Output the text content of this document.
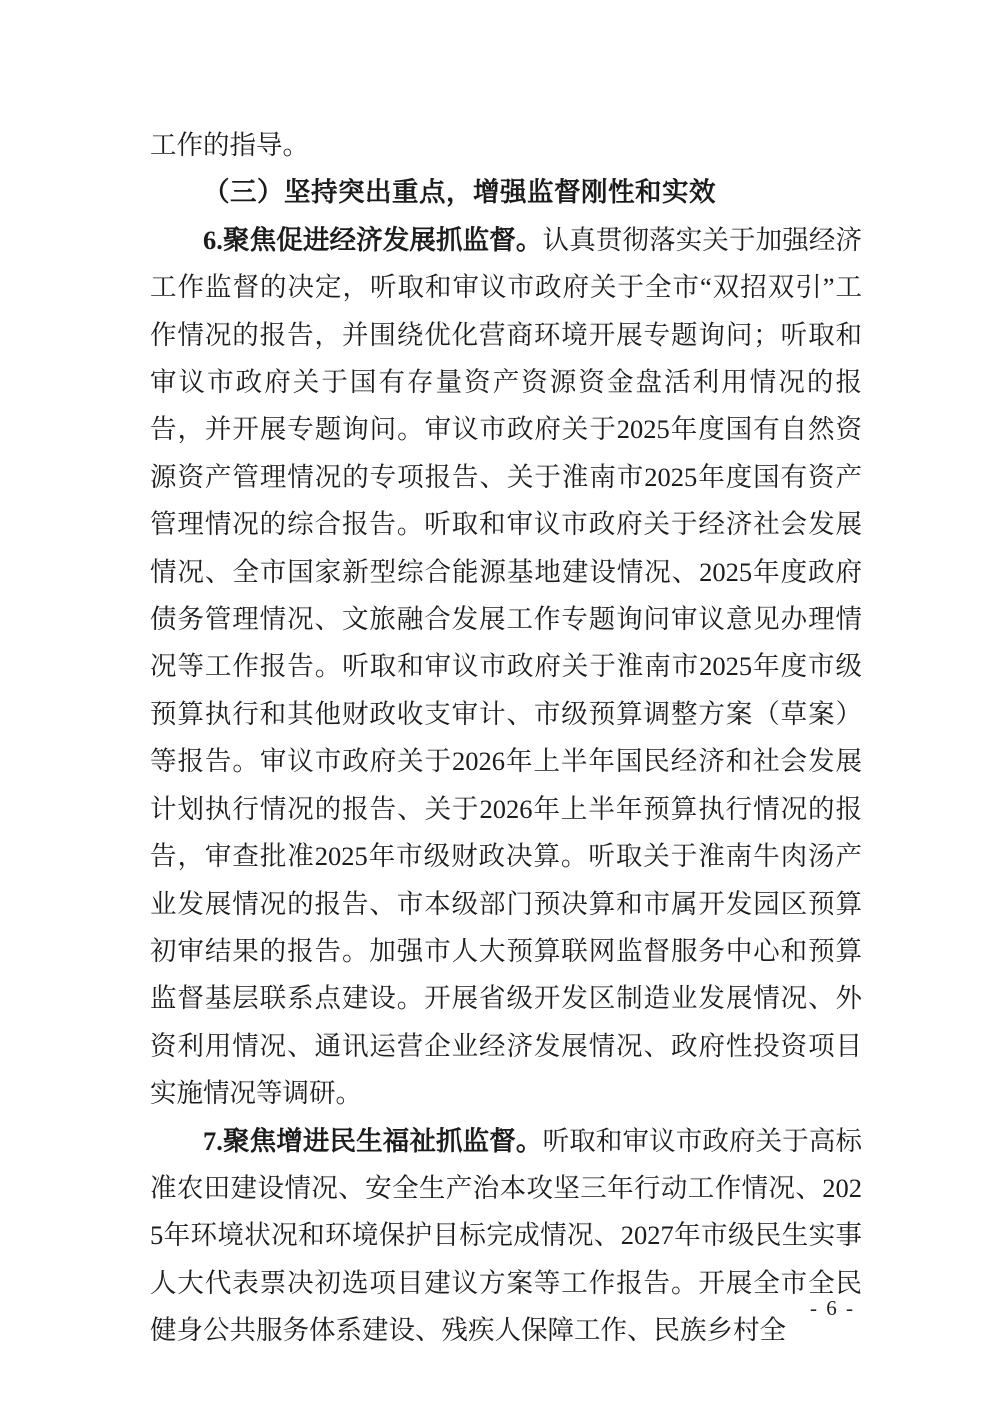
工作的指导。

（三）坚持突出重点，增强监督刚性和实效

6.聚焦促进经济发展抓监督。认真贯彻落实关于加强经济工作监督的决定，听取和审议市政府关于全市“双招双引”工作情况的报告，并围绕优化营商环境开展专题询问；听取和审议市政府关于国有存量资产资源资金盘活利用情况的报告，并开展专题询问。审议市政府关于2025年度国有自然资源资产管理情况的专项报告、关于淮南市2025年度国有资产管理情况的综合报告。听取和审议市政府关于经济社会发展情况、全市国家新型综合能源基地建设情况、2025年度政府债务管理情况、文旅融合发展工作专题询问审议意见办理情况等工作报告。听取和审议市政府关于淮南市2025年度市级预算执行和其他财政收支审计、市级预算调整方案（草案）等报告。审议市政府关于2026年上半年国民经济和社会发展计划执行情况的报告、关于2026年上半年预算执行情况的报告，审查批准2025年市级财政决算。听取关于淮南牛肉汤产业发展情况的报告、市本级部门预决算和市属开发园区预算初审结果的报告。加强市人大预算联网监督服务中心和预算监督基层联系点建设。开展省级开发区制造业发展情况、外资利用情况、通讯运营企业经济发展情况、政府性投资项目实施情况等调研。

7.聚焦增进民生福祉抓监督。听取和审议市政府关于高标准农田建设情况、安全生产治本攻坚三年行动工作情况、2025年环境状况和环境保护目标完成情况、2027年市级民生实事人大代表票决初选项目建议方案等工作报告。开展全市全民健身公共服务体系建设、残疾人保障工作、民族乡村全

- 6 -
